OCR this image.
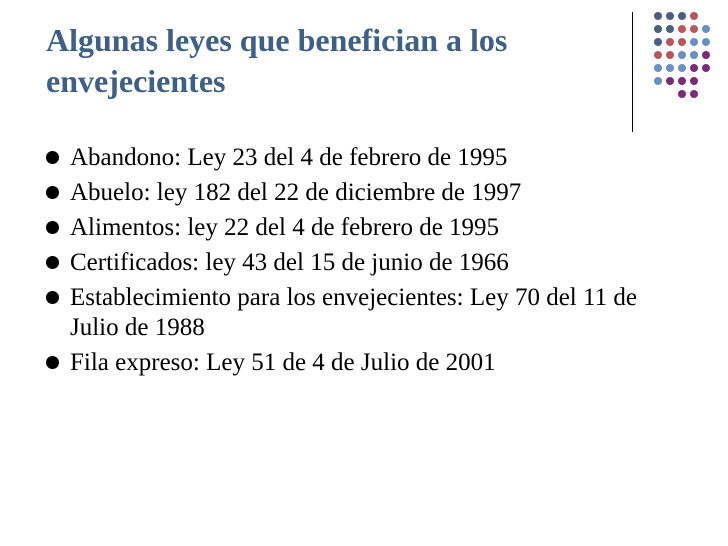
Algunas leyes que benefician a los envejecientes
Abandono: Ley 23 del 4 de febrero de 1995
Abuelo: ley 182 del 22 de diciembre de 1997
Alimentos: ley 22 del 4 de febrero de 1995
Certificados: ley 43 del 15 de junio de 1966
Establecimiento para los envejecientes: Ley 70 del 11 de Julio de 1988
Fila expreso: Ley 51 de 4 de Julio de 2001
